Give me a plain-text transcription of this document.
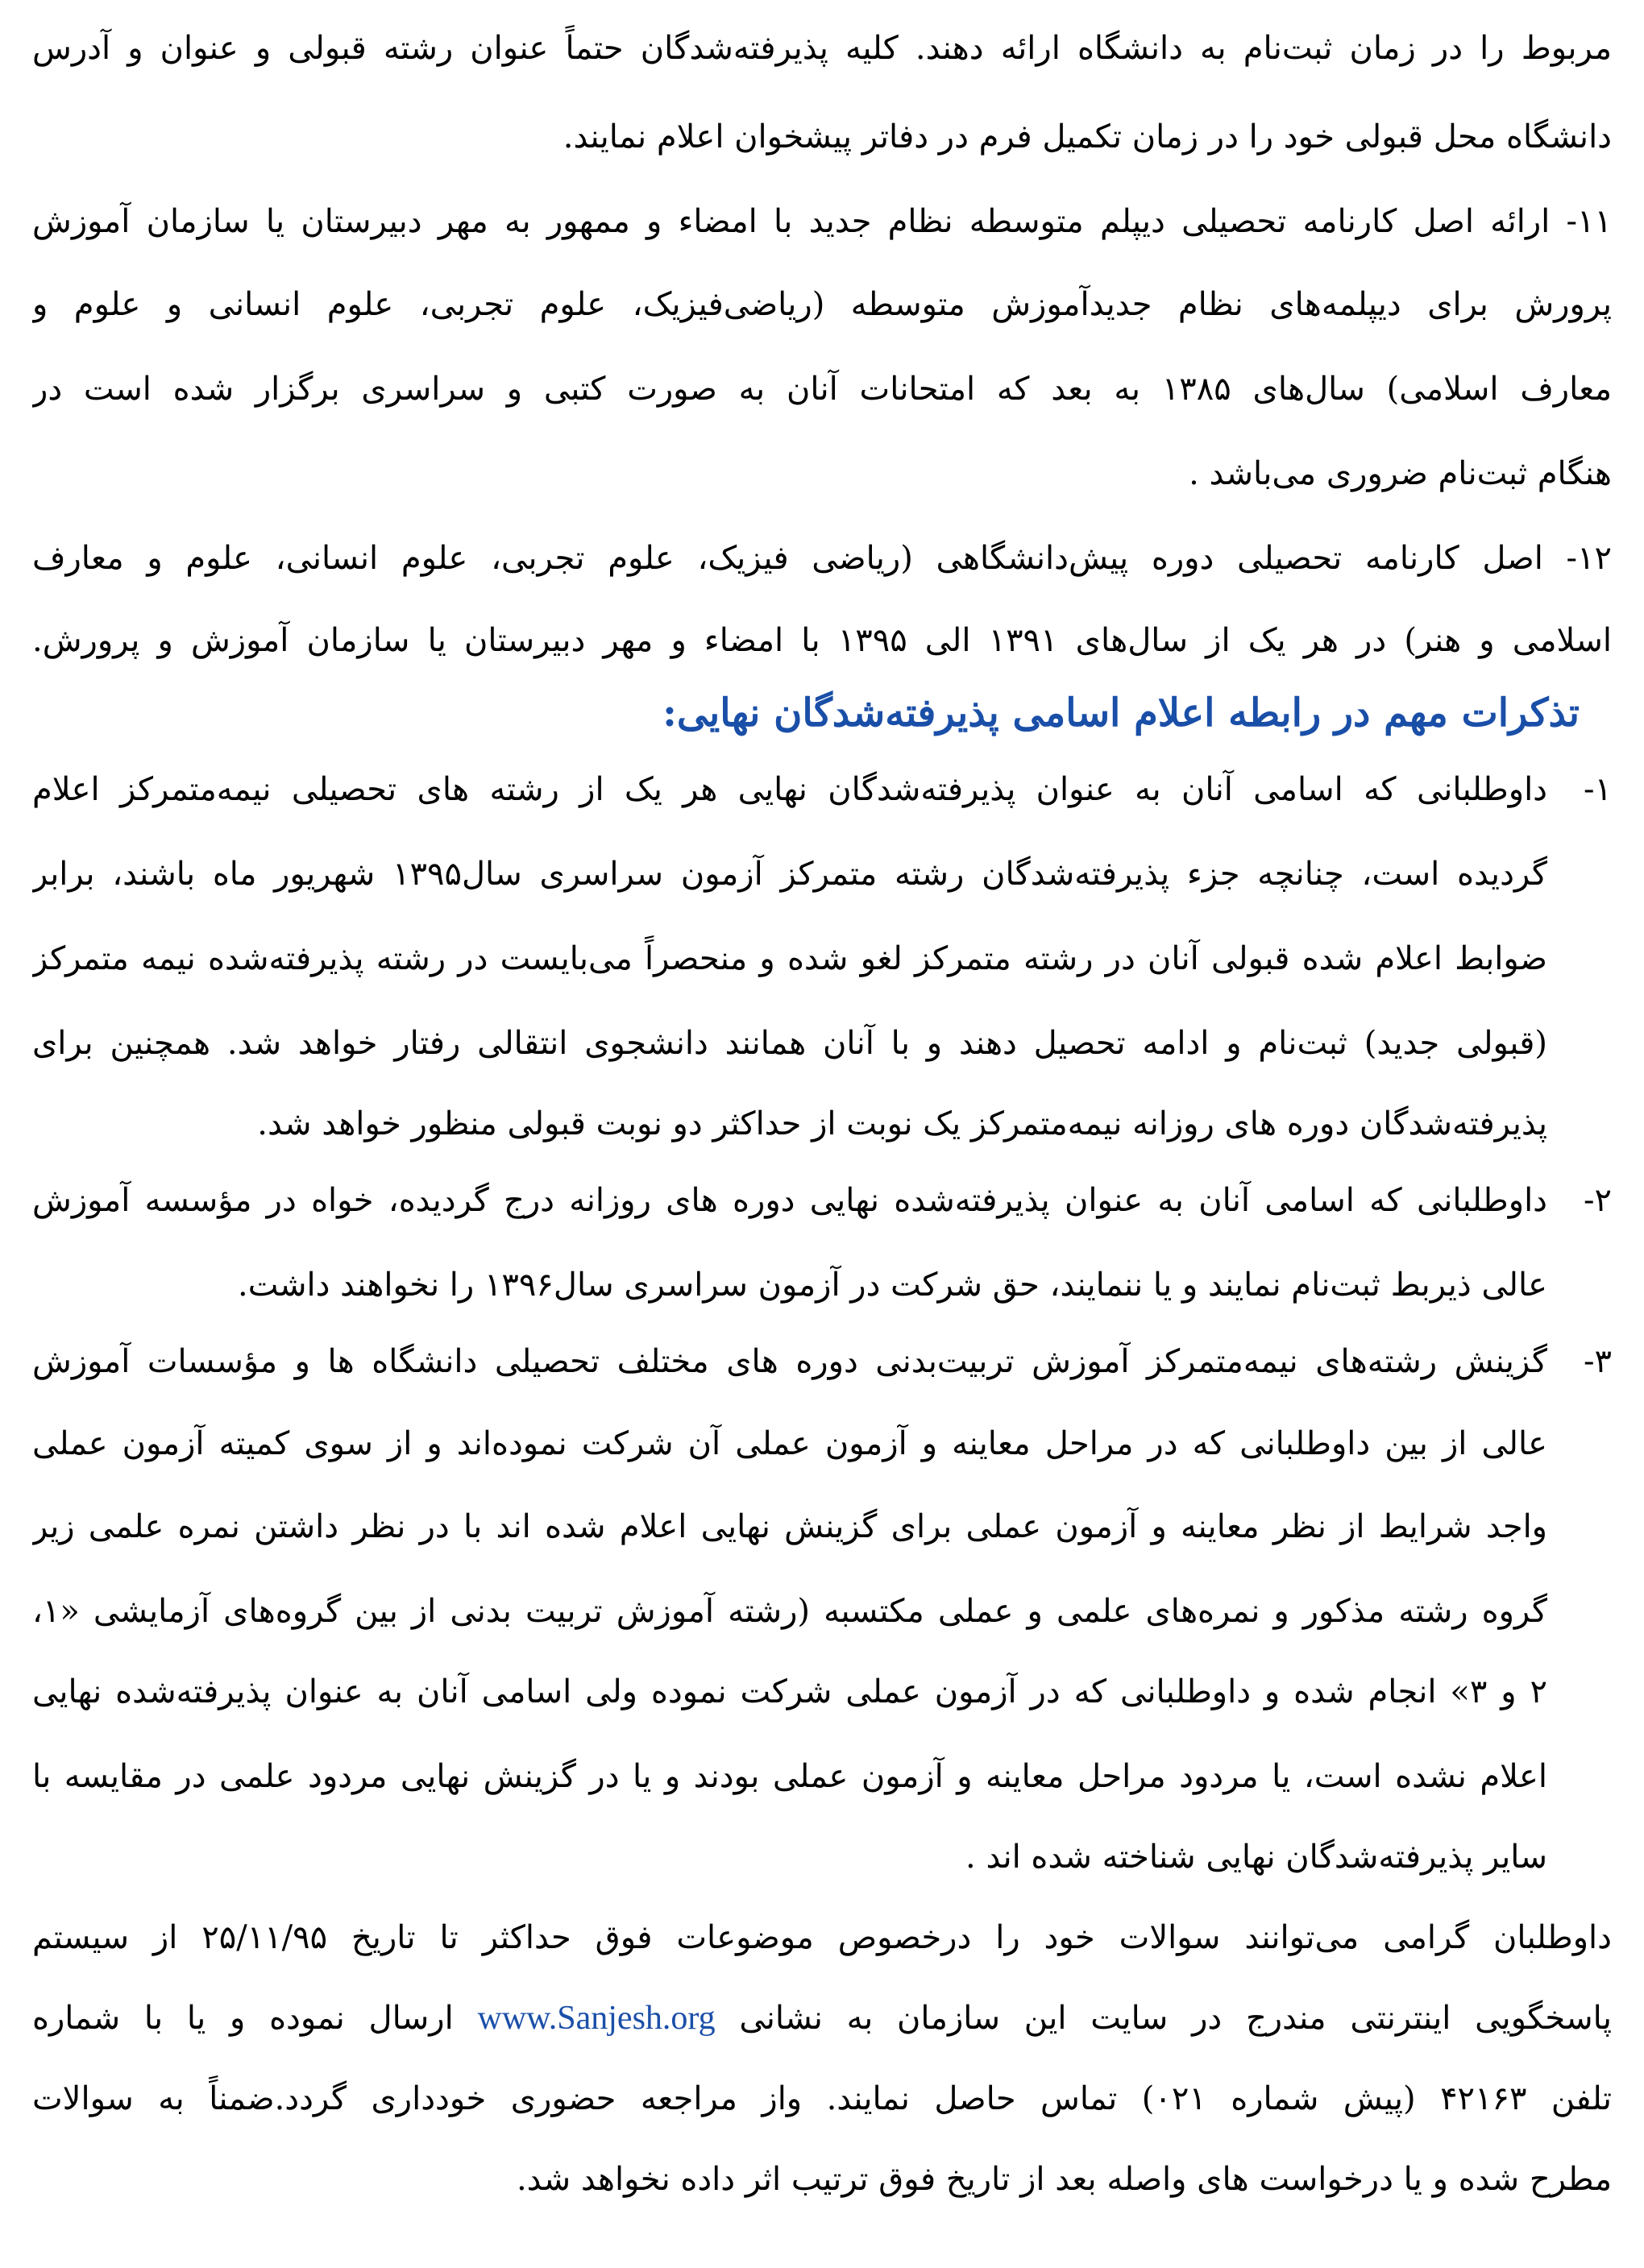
مربوط را در زمان ثبت‌نام به دانشگاه ارائه دهند. کلیه پذیرفته‌شدگان حتماً عنوان رشته قبولی و عنوان و آدرس
دانشگاه محل قبولی خود را در زمان تکمیل فرم در دفاتر پیشخوان اعلام نمایند.
۱۱- ارائه اصل کارنامه تحصیلی دیپلم متوسطه نظام جدید با امضاء و ممهور به مهر دبیرستان یا سازمان آموزش
پرورش برای دیپلمه‌های نظام جدیدآموزش متوسطه (ریاضی‌فیزیک، علوم تجربی، علوم انسانی و علوم و
معارف اسلامی) سال‌های ۱۳۸۵ به بعد که امتحانات آنان به صورت کتبی و سراسری برگزار شده است در
هنگام ثبت‌نام ضروری می‌باشد .
۱۲- اصل کارنامه تحصیلی دوره پیش‌دانشگاهی (ریاضی فیزیک، علوم تجربی، علوم انسانی، علوم و معارف
اسلامی و هنر) در هر یک از سال‌های ۱۳۹۱ الی ۱۳۹۵ با امضاء و مهر دبیرستان یا سازمان آموزش و پرورش.
تذکرات مهم در رابطه اعلام اسامی پذیرفته‌شدگان نهایی:
۱-
داوطلبانی که اسامی آنان به عنوان پذیرفته‌شدگان نهایی هر یک از رشته های تحصیلی نیمه‌متمرکز اعلام
گردیده است، چنانچه جزء پذیرفته‌شدگان رشته متمرکز آزمون سراسری سال۱۳۹۵ شهریور ماه باشند، برابر
ضوابط اعلام شده قبولی آنان در رشته متمرکز لغو شده و منحصراً می‌بایست در رشته پذیرفته‌شده نیمه متمرکز
(قبولی جدید) ثبت‌نام و ادامه تحصیل دهند و با آنان همانند دانشجوی انتقالی رفتار خواهد شد. همچنین برای
پذیرفته‌شدگان دوره های روزانه نیمه‌متمرکز یک نوبت از حداکثر دو نوبت قبولی منظور خواهد شد.
۲-
داوطلبانی که اسامی آنان به عنوان پذیرفته‌شده نهایی دوره های روزانه درج گردیده، خواه در مؤسسه آموزش
عالی ذیربط ثبت‌نام نمایند و یا ننمایند، حق شرکت در آزمون سراسری سال۱۳۹۶ را نخواهند داشت.
۳-
گزینش رشته‌های نیمه‌متمرکز آموزش تربیت‌بدنی دوره های مختلف تحصیلی دانشگاه ها و مؤسسات آموزش
عالی از بین داوطلبانی که در مراحل معاینه و آزمون عملی آن شرکت نموده‌اند و از سوی کمیته آزمون عملی
واجد شرایط از نظر معاینه و آزمون عملی برای گزینش نهایی اعلام شده اند با در نظر داشتن نمره علمی زیر
گروه رشته مذکور و نمره‌های علمی و عملی مکتسبه (رشته آموزش تربیت بدنی از بین گروه‌های آزمایشی «۱،
۲ و ۳» انجام شده و داوطلبانی که در آزمون عملی شرکت نموده ولی اسامی آنان به عنوان پذیرفته‌شده نهایی
اعلام نشده است، یا مردود مراحل معاینه و آزمون عملی بودند و یا در گزینش نهایی مردود علمی در مقایسه با
سایر پذیرفته‌شدگان نهایی شناخته شده اند .
داوطلبان گرامی می‌توانند سوالات خود را درخصوص موضوعات فوق حداکثر تا تاریخ ۲۵/۱۱/۹۵ از سیستم
پاسخگویی اینترنتی مندرج در سایت این سازمان به نشانی www.Sanjesh.org ارسال نموده و یا با شماره
تلفن ۴۲۱۶۳ (پیش شماره ۰۲۱) تماس حاصل نمایند. واز مراجعه حضوری خودداری گردد.ضمناً به سوالات
مطرح شده و یا درخواست های واصله بعد از تاریخ فوق ترتیب اثر داده نخواهد شد.
